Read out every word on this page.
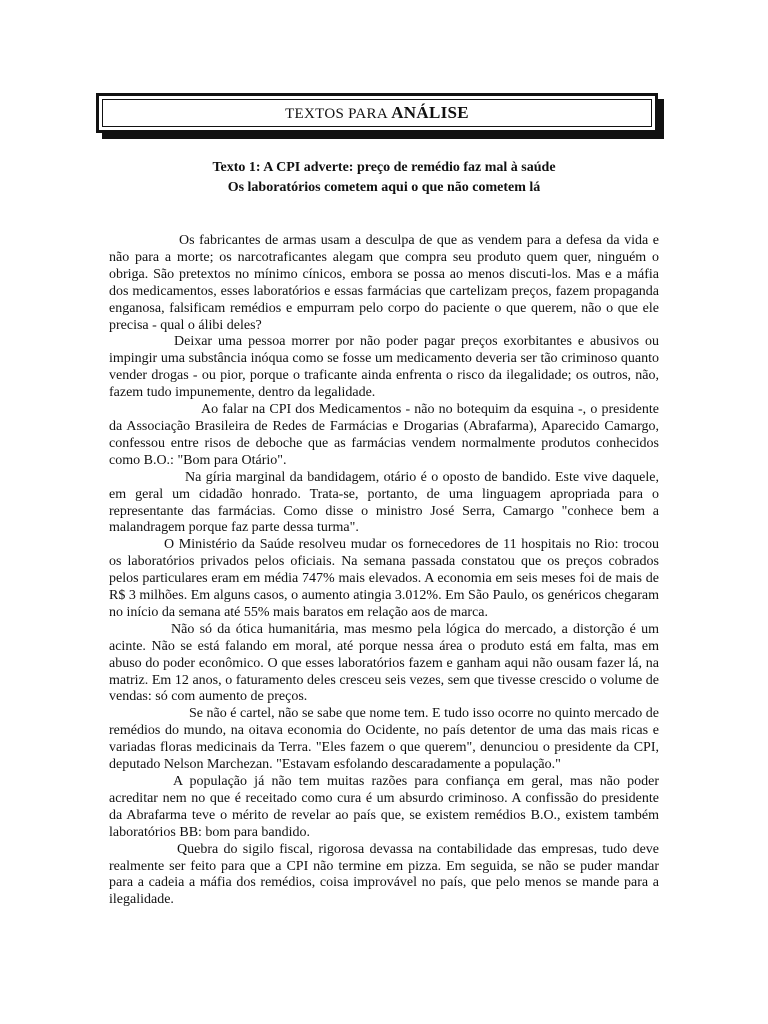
TEXTOS PARA ANÁLISE
Texto 1: A CPI adverte: preço de remédio faz mal à saúde
Os laboratórios cometem aqui o que não cometem lá

Os fabricantes de armas usam a desculpa de que as vendem para a defesa da vida e não para a morte; os narcotraficantes alegam que compra seu produto quem quer, ninguém o obriga. São pretextos no mínimo cínicos, embora se possa ao menos discuti-los. Mas e a máfia dos medicamentos, esses laboratórios e essas farmácias que cartelizam preços, fazem propaganda enganosa, falsificam remédios e empurram pelo corpo do paciente o que querem, não o que ele precisa - qual o álibi deles?

Deixar uma pessoa morrer por não poder pagar preços exorbitantes e abusivos ou impingir uma substância inóqua como se fosse um medicamento deveria ser tão criminoso quanto vender drogas - ou pior, porque o traficante ainda enfrenta o risco da ilegalidade; os outros, não, fazem tudo impunemente, dentro da legalidade.

Ao falar na CPI dos Medicamentos - não no botequim da esquina -, o presidente da Associação Brasileira de Redes de Farmácias e Drogarias (Abrafarma), Aparecido Camargo, confessou entre risos de deboche que as farmácias vendem normalmente produtos conhecidos como B.O.: "Bom para Otário".

Na gíria marginal da bandidagem, otário é o oposto de bandido. Este vive daquele, em geral um cidadão honrado. Trata-se, portanto, de uma linguagem apropriada para o representante das farmácias. Como disse o ministro José Serra, Camargo "conhece bem a malandragem porque faz parte dessa turma".

O Ministério da Saúde resolveu mudar os fornecedores de 11 hospitais no Rio: trocou os laboratórios privados pelos oficiais. Na semana passada constatou que os preços cobrados pelos particulares eram em média 747% mais elevados. A economia em seis meses foi de mais de R$ 3 milhões. Em alguns casos, o aumento atingia 3.012%. Em São Paulo, os genéricos chegaram no início da semana até 55% mais baratos em relação aos de marca.

Não só da ótica humanitária, mas mesmo pela lógica do mercado, a distorção é um acinte. Não se está falando em moral, até porque nessa área o produto está em falta, mas em abuso do poder econômico. O que esses laboratórios fazem e ganham aqui não ousam fazer lá, na matriz. Em 12 anos, o faturamento deles cresceu seis vezes, sem que tivesse crescido o volume de vendas: só com aumento de preços.

Se não é cartel, não se sabe que nome tem. E tudo isso ocorre no quinto mercado de remédios do mundo, na oitava economia do Ocidente, no país detentor de uma das mais ricas e variadas floras medicinais da Terra. "Eles fazem o que querem", denunciou o presidente da CPI, deputado Nelson Marchezan. "Estavam esfolando descaradamente a população."

A população já não tem muitas razões para confiança em geral, mas não poder acreditar nem no que é receitado como cura é um absurdo criminoso. A confissão do presidente da Abrafarma teve o mérito de revelar ao país que, se existem remédios B.O., existem também laboratórios BB: bom para bandido.

Quebra do sigilo fiscal, rigorosa devassa na contabilidade das empresas, tudo deve realmente ser feito para que a CPI não termine em pizza. Em seguida, se não se puder mandar para a cadeia a máfia dos remédios, coisa improvável no país, que pelo menos se mande para a ilegalidade.
